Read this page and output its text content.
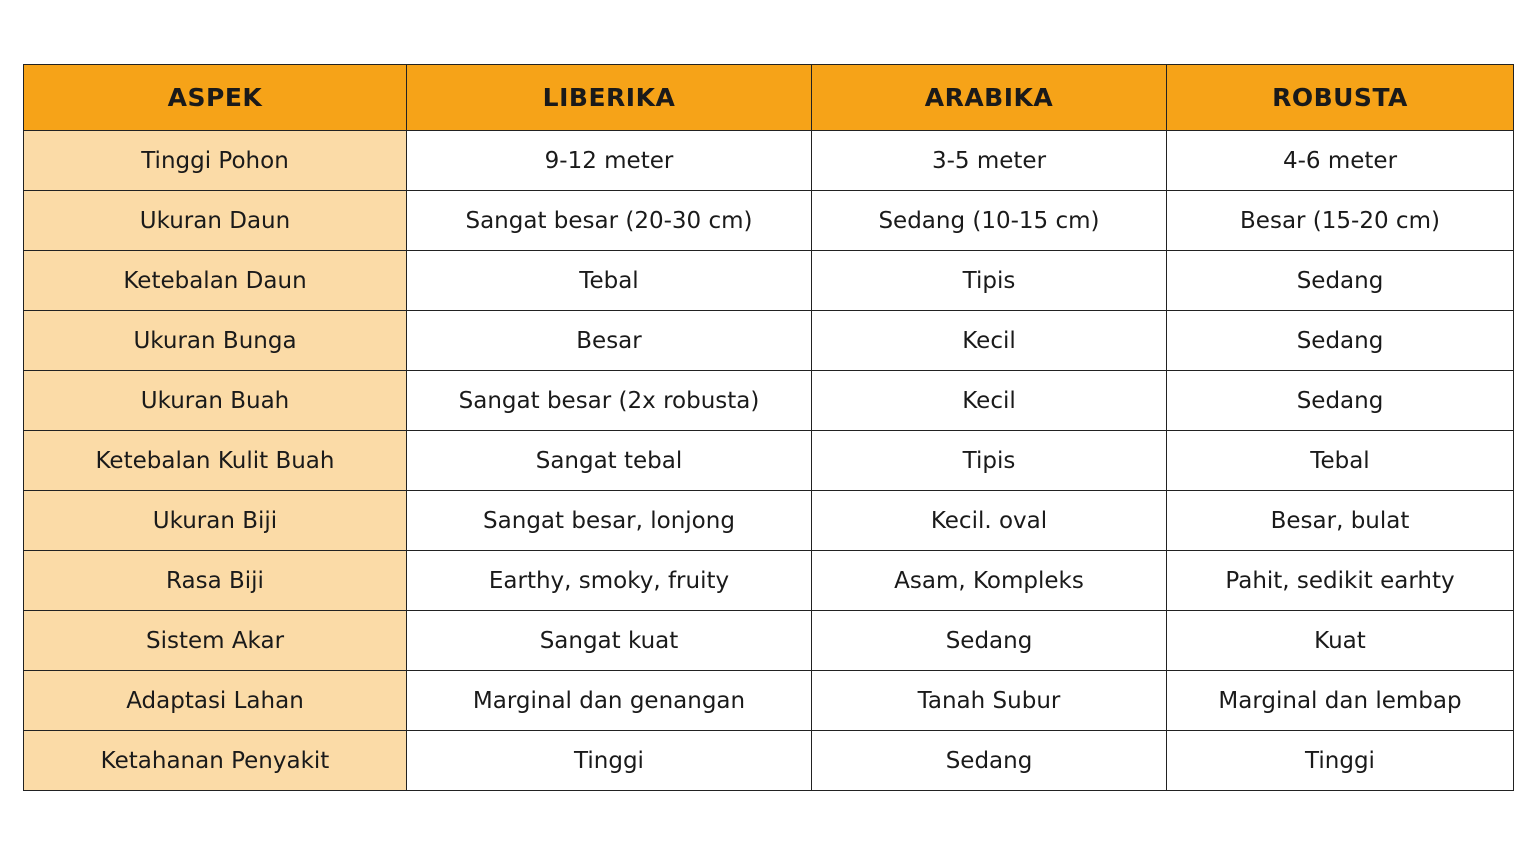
ASPEK	LIBERIKA	ARABIKA	ROBUSTA
Tinggi Pohon	9-12 meter	3-5 meter	4-6 meter
Ukuran Daun	Sangat besar (20-30 cm)	Sedang (10-15 cm)	Besar (15-20 cm)
Ketebalan Daun	Tebal	Tipis	Sedang
Ukuran Bunga	Besar	Kecil	Sedang
Ukuran Buah	Sangat besar (2x robusta)	Kecil	Sedang
Ketebalan Kulit Buah	Sangat tebal	Tipis	Tebal
Ukuran Biji	Sangat besar, lonjong	Kecil. oval	Besar, bulat
Rasa Biji	Earthy, smoky, fruity	Asam, Kompleks	Pahit, sedikit earhty
Sistem Akar	Sangat kuat	Sedang	Kuat
Adaptasi Lahan	Marginal dan genangan	Tanah Subur	Marginal dan lembap
Ketahanan Penyakit	Tinggi	Sedang	Tinggi
